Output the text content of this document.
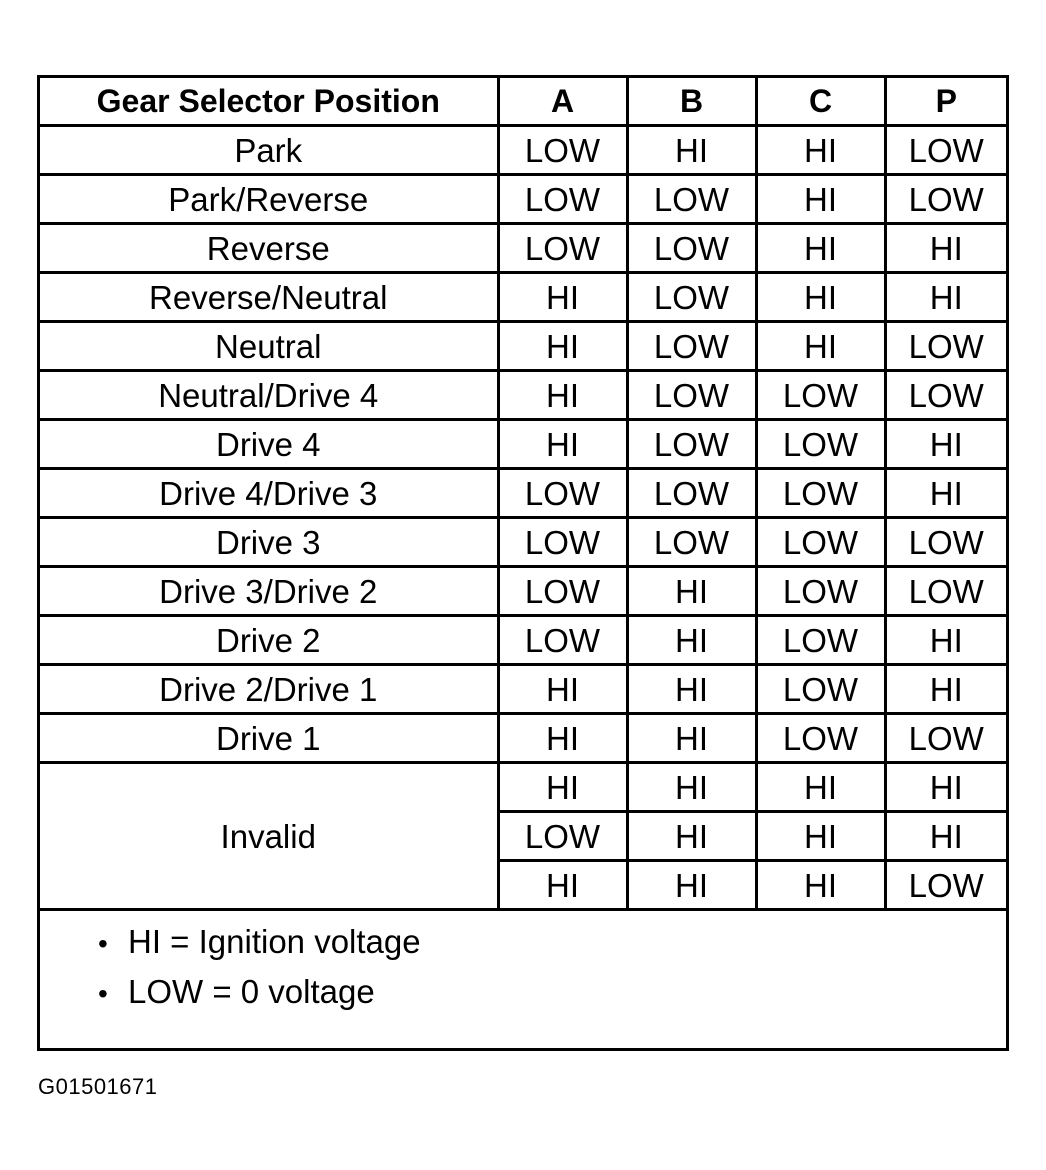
Gear Selector Position	A	B	C	P
Park	LOW	HI	HI	LOW
Park/Reverse	LOW	LOW	HI	LOW
Reverse	LOW	LOW	HI	HI
Reverse/Neutral	HI	LOW	HI	HI
Neutral	HI	LOW	HI	LOW
Neutral/Drive 4	HI	LOW	LOW	LOW
Drive 4	HI	LOW	LOW	HI
Drive 4/Drive 3	LOW	LOW	LOW	HI
Drive 3	LOW	LOW	LOW	LOW
Drive 3/Drive 2	LOW	HI	LOW	LOW
Drive 2	LOW	HI	LOW	HI
Drive 2/Drive 1	HI	HI	LOW	HI
Drive 1	HI	HI	LOW	LOW
Invalid	HI	HI	HI	HI
	LOW	HI	HI	HI
	HI	HI	HI	LOW
• HI = Ignition voltage
• LOW = 0 voltage
G01501671
